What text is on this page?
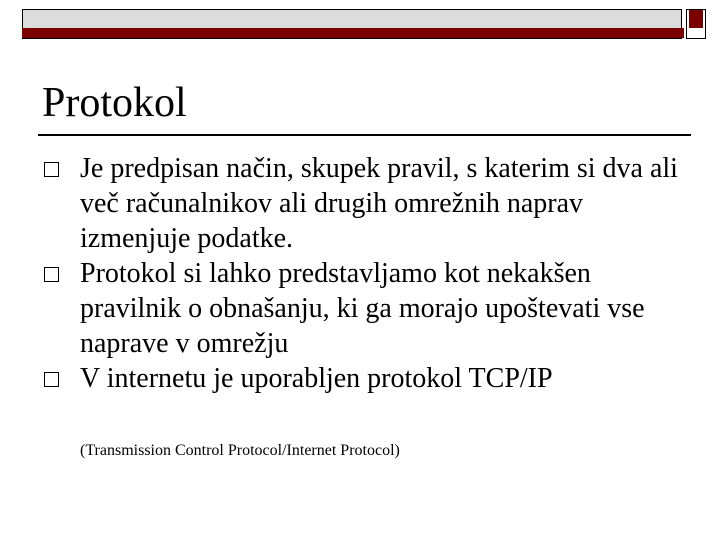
Protokol
Je predpisan način, skupek pravil, s katerim si dva ali več računalnikov ali drugih omrežnih naprav izmenjuje podatke.
Protokol si lahko predstavljamo kot nekakšen pravilnik o obnašanju, ki ga morajo upoštevati vse naprave v omrežju
V internetu je uporabljen protokol TCP/IP
(Transmission Control Protocol/Internet Protocol)
